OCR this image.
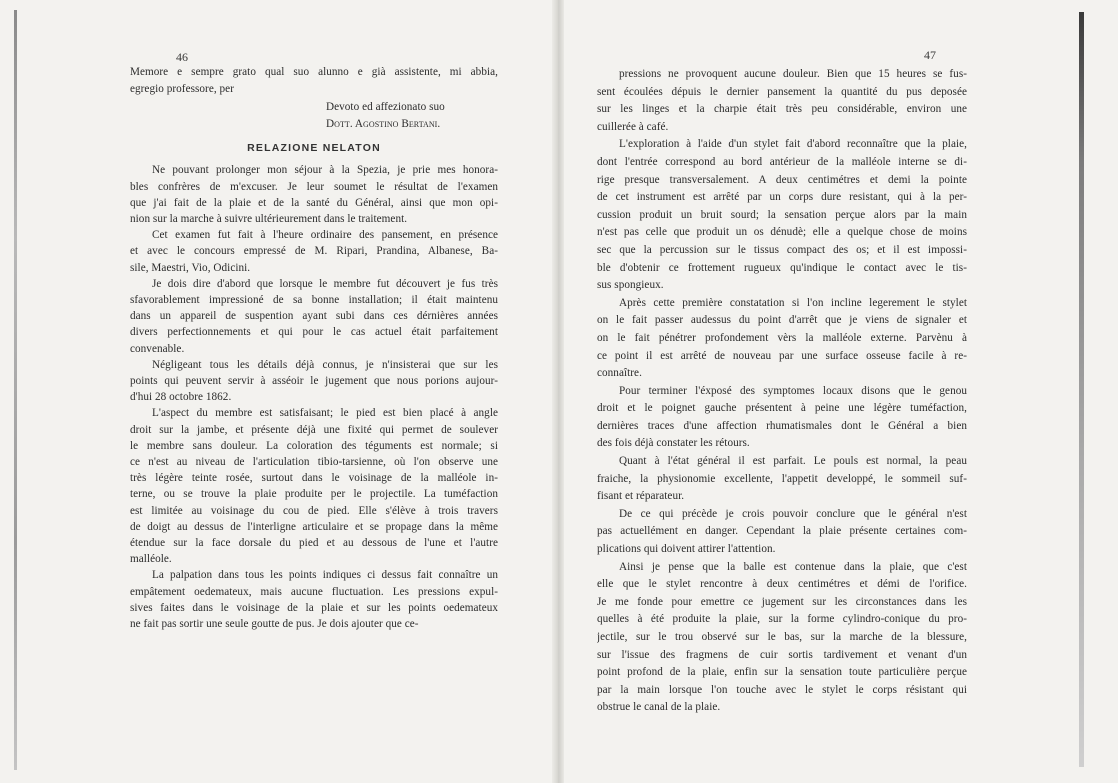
46	47
Memore e sempre grato qual suo alunno e già assistente, mi abbia,
egregio professore, per
Devoto ed affezionato suo
Dott. Agostino Bertani.
RELAZIONE NELATON
Ne pouvant prolonger mon séjour à la Spezia, je prie mes honora-
bles confrères de m'excuser. Je leur soumet le résultat de l'examen
que j'ai fait de la plaie et de la santé du Général, ainsi que mon opi-
nion sur la marche à suivre ultérieurement dans le traitement.
Cet examen fut fait à l'heure ordinaire des pansement, en présence
et avec le concours empressé de M. Ripari, Prandina, Albanese, Ba-
sile, Maestri, Vio, Odicini.
Je dois dire d'abord que lorsque le membre fut découvert je fus très
sfavorablement impressioné de sa bonne installation; il était maintenu
dans un appareil de suspention ayant subi dans ces dérnières années
divers perfectionnements et qui pour le cas actuel était parfaitement
convenable.
Négligeant tous les détails déjà connus, je n'insisterai que sur les
points qui peuvent servir à asséoir le jugement que nous porions aujour-
d'hui 28 octobre 1862.
L'aspect du membre est satisfaisant; le pied est bien placé à angle
droit sur la jambe, et présente déjà une fixité qui permet de soulever
le membre sans douleur. La coloration des téguments est normale; si
ce n'est au niveau de l'articulation tibio-tarsienne, où l'on observe une
très légère teinte rosée, surtout dans le voisinage de la malléole in-
terne, ou se trouve la plaie produite per le projectile. La tuméfaction
est limitée au voisinage du cou de pied. Elle s'élève à trois travers
de doigt au dessus de l'interligne articulaire et se propage dans la même
étendue sur la face dorsale du pied et au dessous de l'une et l'autre
malléole.
La palpation dans tous les points indiques ci dessus fait connaître un
empâtement oedemateux, mais aucune fluctuation. Les pressions expul-
sives faites dans le voisinage de la plaie et sur les points oedemateux
ne fait pas sortir une seule goutte de pus. Je dois ajouter que ce-
pressions ne provoquent aucune douleur. Bien que 15 heures se fus-
sent écoulées dépuis le dernier pansement la quantité du pus deposée
sur les linges et la charpie était très peu considérable, environ une
cuillerée à café.
L'exploration à l'aide d'un stylet fait d'abord reconnaître que la plaie,
dont l'entrée correspond au bord antérieur de la malléole interne se di-
rige presque transversalement. A deux centimétres et demi la pointe
de cet instrument est arrêté par un corps dure resistant, qui à la per-
cussion produit un bruit sourd; la sensation perçue alors par la main
n'est pas celle que produit un os dénudè; elle a quelque chose de moins
sec que la percussion sur le tissus compact des os; et il est impossi-
ble d'obtenir ce frottement rugueux qu'indique le contact avec le tis-
sus spongieux.
Après cette première constatation si l'on incline legerement le stylet
on le fait passer audessus du point d'arrêt que je viens de signaler et
on le fait pénétrer profondement vèrs la malléole externe. Parvènu à
ce point il est arrêté de nouveau par une surface osseuse facile à re-
connaître.
Pour terminer l'éxposé des symptomes locaux disons que le genou
droit et le poignet gauche présentent à peine une légère tuméfaction,
dernières traces d'une affection rhumatismales dont le Général a bien
des fois déjà constater les rétours.
Quant à l'état général il est parfait. Le pouls est normal, la peau
fraiche, la physionomie excellente, l'appetit developpé, le sommeil suf-
fisant et réparateur.
De ce qui précède je crois pouvoir conclure que le général n'est
pas actuellément en danger. Cependant la plaie présente certaines com-
plications qui doivent attirer l'attention.
Ainsi je pense que la balle est contenue dans la plaie, que c'est
elle que le stylet rencontre à deux centimétres et démi de l'orifice.
Je me fonde pour emettre ce jugement sur les circonstances dans les
quelles à été produite la plaie, sur la forme cylindro-conique du pro-
jectile, sur le trou observé sur le bas, sur la marche de la blessure,
sur l'issue des fragmens de cuir sortis tardivement et venant d'un
point profond de la plaie, enfin sur la sensation toute particulière perçue
par la main lorsque l'on touche avec le stylet le corps résistant qui
obstrue le canal de la plaie.
